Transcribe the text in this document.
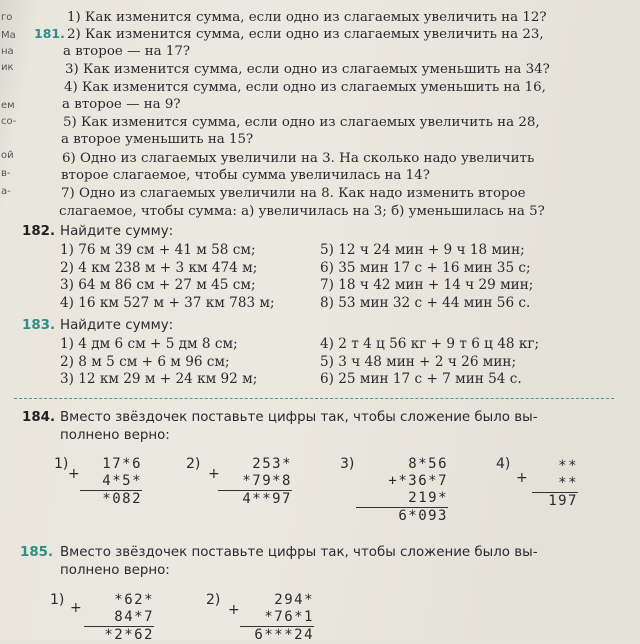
го
Ма
на
ик
ем
со-
ой
в-
а-
181.
1) Как изменится сумма, если одно из слагаемых увеличить на 12?
2) Как изменится сумма, если одно из слагаемых увеличить на 23,
а второе — на 17?
3) Как изменится сумма, если одно из слагаемых уменьшить на 34?
4) Как изменится сумма, если одно из слагаемых уменьшить на 16,
а второе — на 9?
5) Как изменится сумма, если одно из слагаемых увеличить на 28,
а второе уменьшить на 15?
6) Одно из слагаемых увеличили на 3. На сколько надо увеличить
второе слагаемое, чтобы сумма увеличилась на 14?
7) Одно из слагаемых увеличили на 8. Как надо изменить второе
слагаемое, чтобы сумма: а) увеличилась на 3; б) уменьшилась на 5?
182. Найдите сумму:
1) 76 м 39 см + 41 м 58 см;
2) 4 км 238 м + 3 км 474 м;
3) 64 м 86 см + 27 м 45 см;
4) 16 км 527 м + 37 км 783 м;
5) 12 ч 24 мин + 9 ч 18 мин;
6) 35 мин 17 с + 16 мин 35 с;
7) 18 ч 42 мин + 14 ч 29 мин;
8) 53 мин 32 с + 44 мин 56 с.
183. Найдите сумму:
1) 4 дм 6 см + 5 дм 8 см;
2) 8 м 5 см + 6 м 96 см;
3) 12 км 29 м + 24 км 92 м;
4) 2 т 4 ц 56 кг + 9 т 6 ц 48 кг;
5) 3 ч 48 мин + 2 ч 26 мин;
6) 25 мин 17 с + 7 мин 54 с.
184. Вместо звёздочек поставьте цифры так, чтобы сложение было вы-
полнено верно:
1)
+
17*6
4*5*
*082
2)
+
253*
*79*8
4**97
3)	8*56
+*36*7
219*
6*093
4)
+
**
**
197
185. Вместо звёздочек поставьте цифры так, чтобы сложение было вы-
полнено верно:
1) +	*62*
84*7
*2*62
2)
+
294*
*76*1
6***24
